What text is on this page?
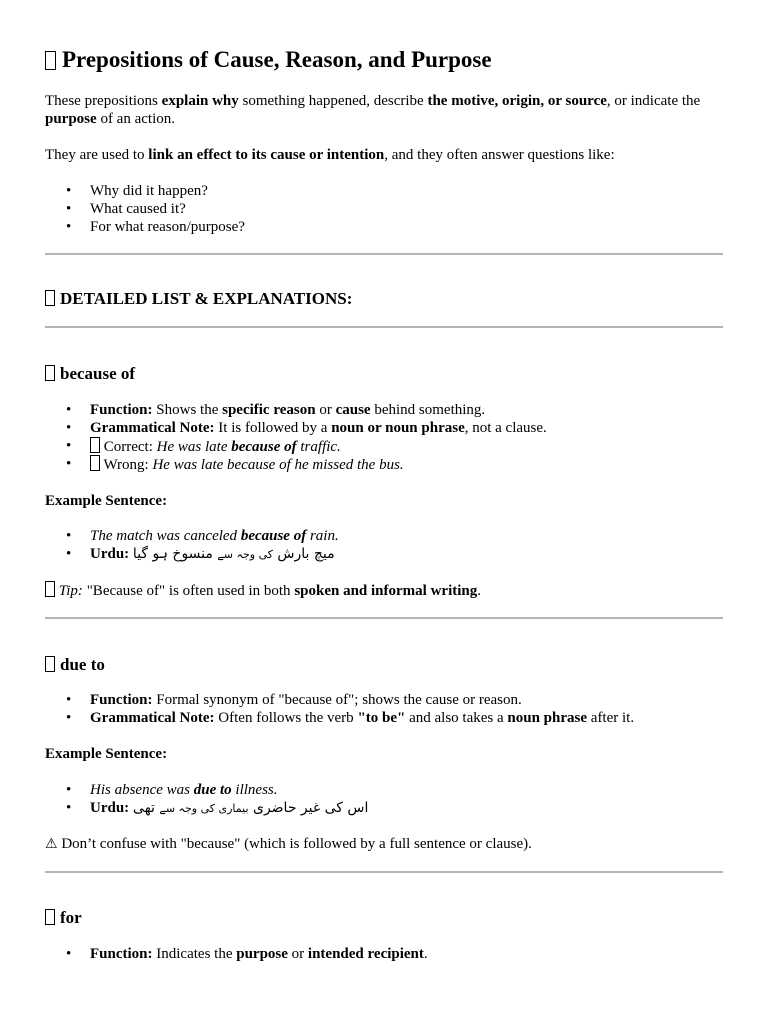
Prepositions of Cause, Reason, and Purpose
These prepositions explain why something happened, describe the motive, origin, or source, or indicate the
purpose of an action.
They are used to link an effect to its cause or intention, and they often answer questions like:
• Why did it happen?
• What caused it?
• For what reason/purpose?
DETAILED LIST & EXPLANATIONS:
because of
• Function: Shows the specific reason or cause behind something.
• Grammatical Note: It is followed by a noun or noun phrase, not a clause.
• Correct: He was late because of traffic.
• Wrong: He was late because of he missed the bus.
Example Sentence:
• The match was canceled because of rain.
• Urdu:	میچ بارش کی وجہ سے منسوخ ہو گیا
Tip: "Because of" is often used in both spoken and informal writing.
due to
• Function: Formal synonym of "because of"; shows the cause or reason.
• Grammatical Note: Often follows the verb "to be" and also takes a noun phrase after it.
Example Sentence:
• His absence was due to illness.
• Urdu:	اس کی غیر حاضری بیماری کی وجہ سے تھی
⚠ Don’t confuse with "because" (which is followed by a full sentence or clause).
for
• Function: Indicates the purpose or intended recipient.
